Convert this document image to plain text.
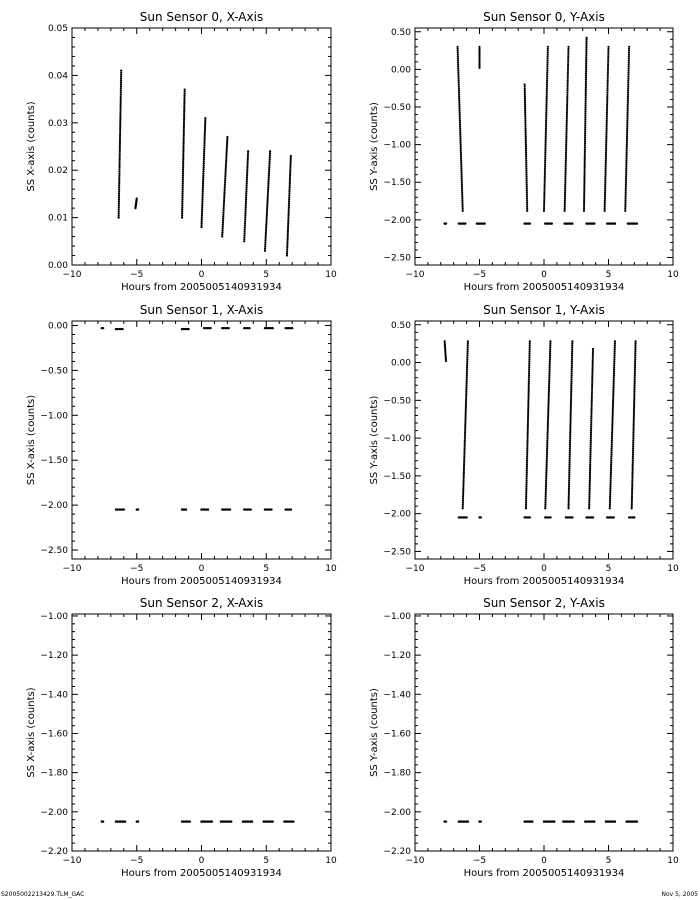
Sun Sensor 0, X-Axis
−10	−5	0	5	10
0.00
0.01
0.02
0.03
0.04
0.05
Hours from 2005005140931934
SS X-axis (counts)
Sun Sensor 0, Y-Axis
−10	−5	0	5	10
−2.50
−2.00
−1.50
−1.00
−0.50
0.00
0.50
Hours from 2005005140931934
SS Y-axis (counts)
Sun Sensor 1, X-Axis
−10	−5	0	5	10
−2.50
−2.00
−1.50
−1.00
−0.50
0.00
Hours from 2005005140931934
SS X-axis (counts)
Sun Sensor 1, Y-Axis
−10	−5	0	5	10
−2.50
−2.00
−1.50
−1.00
−0.50
0.00
0.50
Hours from 2005005140931934
SS Y-axis (counts)
Sun Sensor 2, X-Axis
−10	−5	0	5	10
−2.20
−2.00
−1.80
−1.60
−1.40
−1.20
−1.00
Hours from 2005005140931934
SS X-axis (counts)
Sun Sensor 2, Y-Axis
−10	−5	0	5	10
−2.20
−2.00
−1.80
−1.60
−1.40
−1.20
−1.00
Hours from 2005005140931934
SS Y-axis (counts)
S2005002213429.TLM_GAC	Nov 5, 2005
